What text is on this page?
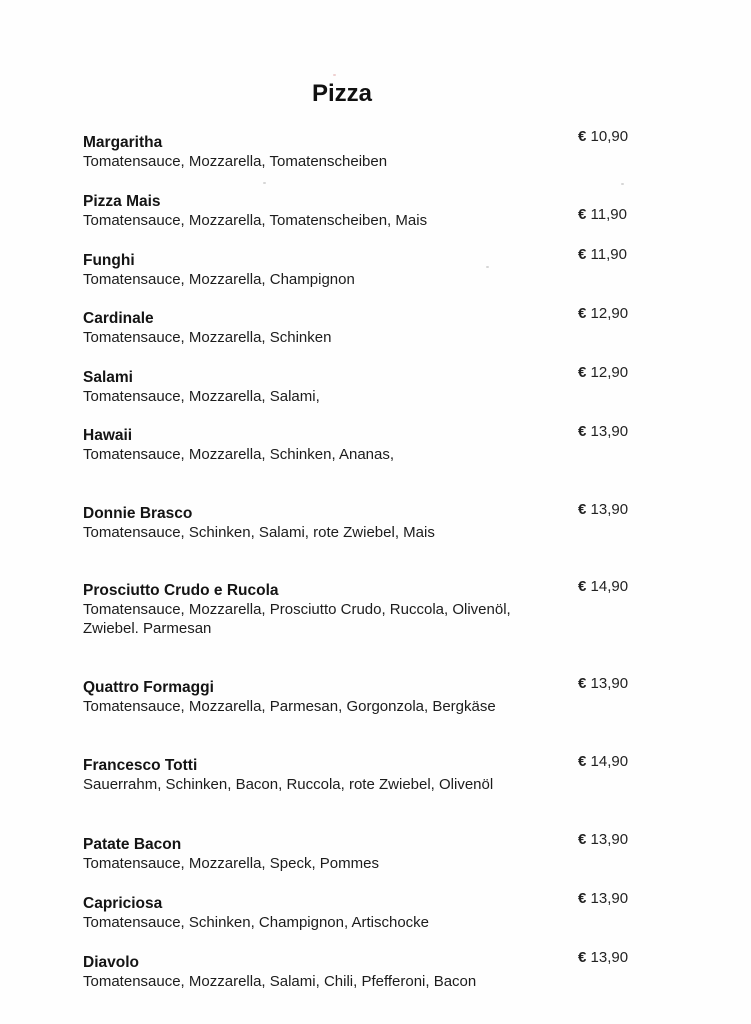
Pizza
Margaritha
Tomatensauce, Mozzarella, Tomatenscheiben
€ 10,90
Pizza Mais
Tomatensauce, Mozzarella, Tomatenscheiben, Mais	€ 11,90
Funghi
Tomatensauce, Mozzarella, Champignon
€ 11,90
Cardinale
Tomatensauce, Mozzarella, Schinken
€ 12,90
Salami
Tomatensauce, Mozzarella, Salami,
€ 12,90
Hawaii
Tomatensauce, Mozzarella, Schinken, Ananas,
€ 13,90
Donnie Brasco
Tomatensauce, Schinken, Salami, rote Zwiebel, Mais
€ 13,90
Prosciutto Crudo e Rucola
Tomatensauce, Mozzarella, Prosciutto Crudo, Ruccola, Olivenöl,
Zwiebel. Parmesan
€ 14,90
Quattro Formaggi
Tomatensauce, Mozzarella, Parmesan, Gorgonzola, Bergkäse
€ 13,90
Francesco Totti
Sauerrahm, Schinken, Bacon, Ruccola, rote Zwiebel, Olivenöl
€ 14,90
Patate Bacon
Tomatensauce, Mozzarella, Speck, Pommes
€ 13,90
Capriciosa
Tomatensauce, Schinken, Champignon, Artischocke
€ 13,90
Diavolo
Tomatensauce, Mozzarella, Salami, Chili, Pfefferoni, Bacon
€ 13,90
